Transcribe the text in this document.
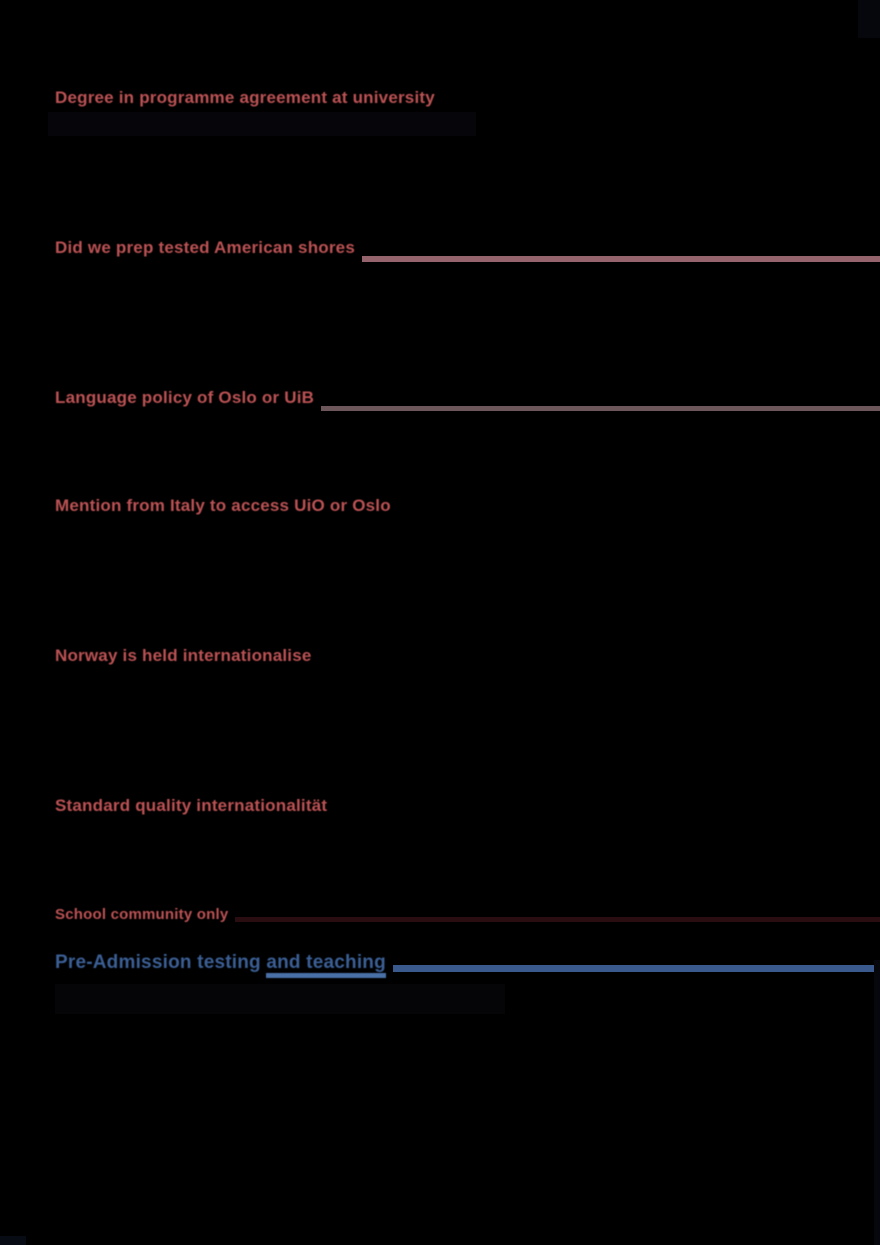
Degree in programme agreement at university
Did we prep tested American shores
Language policy of Oslo or UiB
Mention from Italy to access UiO or Oslo
Norway is held internationalise
Standard quality internationalität
School community only
Pre-Admission testing and teaching
